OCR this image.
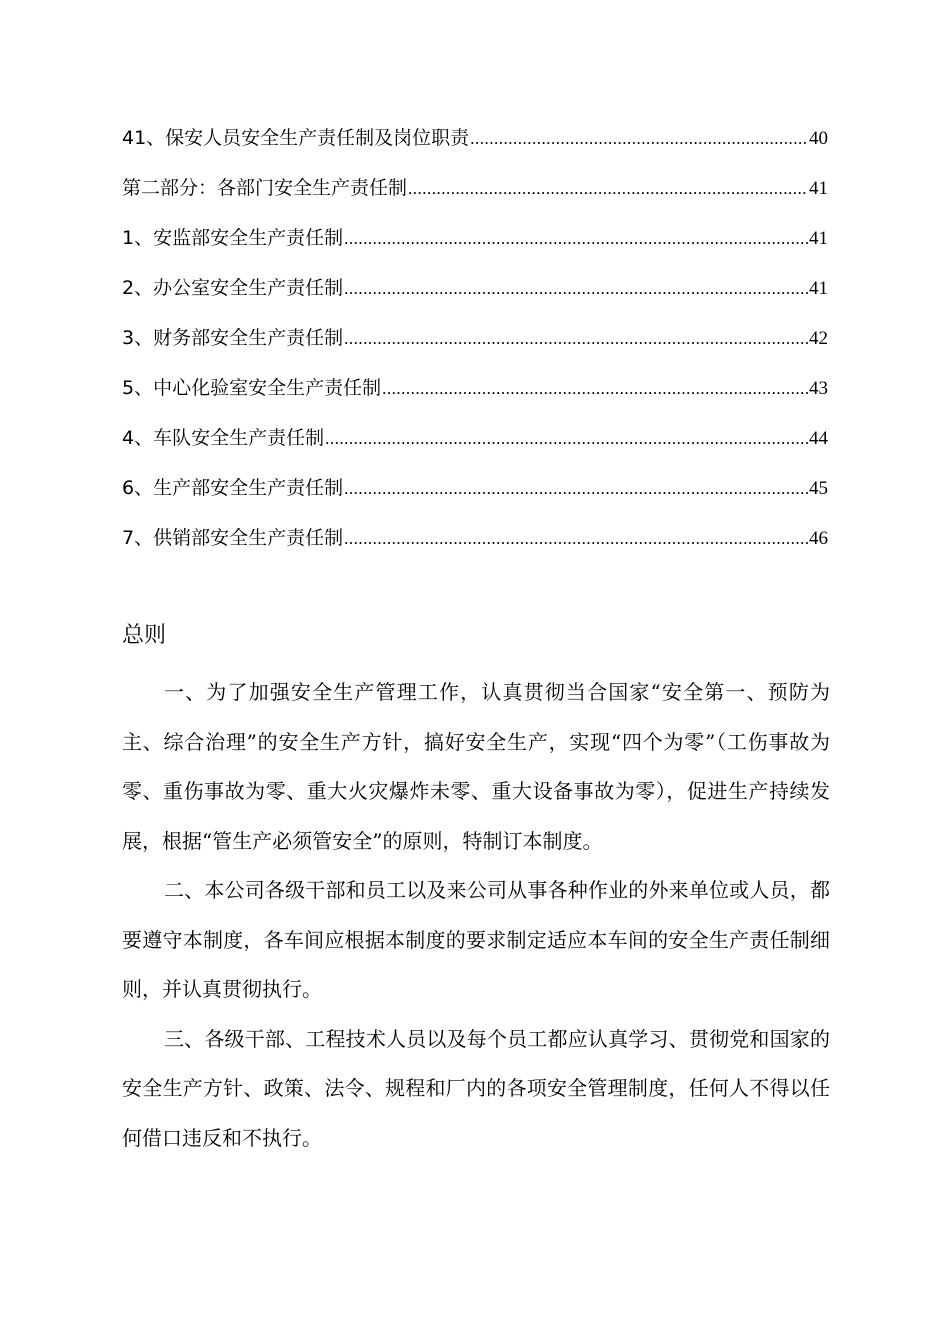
41、保安人员安全生产责任制及岗位职责 .....	40
第二部分：各部门安全生产责任制 .....	41
1、安监部安全生产责任制 .....	41
2、办公室安全生产责任制 .....	41
3、财务部安全生产责任制 .....	42
5、中心化验室安全生产责任制 .....	43
4、车队安全生产责任制 .....	44
6、生产部安全生产责任制 .....	45
7、供销部安全生产责任制 .....	46
总则

一、为了加强安全生产管理工作，认真贯彻当合国家“安全第一、预防为主、综合治理”的安全生产方针，搞好安全生产，实现“四个为零”（工伤事故为零、重伤事故为零、重大火灾爆炸未零、重大设备事故为零），促进生产持续发展，根据“管生产必须管安全”的原则，特制订本制度。

二、本公司各级干部和员工以及来公司从事各种作业的外来单位或人员，都要遵守本制度，各车间应根据本制度的要求制定适应本车间的安全生产责任制细则，并认真贯彻执行。

三、各级干部、工程技术人员以及每个员工都应认真学习、贯彻党和国家的安全生产方针、政策、法令、规程和厂内的各项安全管理制度，任何人不得以任何借口违反和不执行。
